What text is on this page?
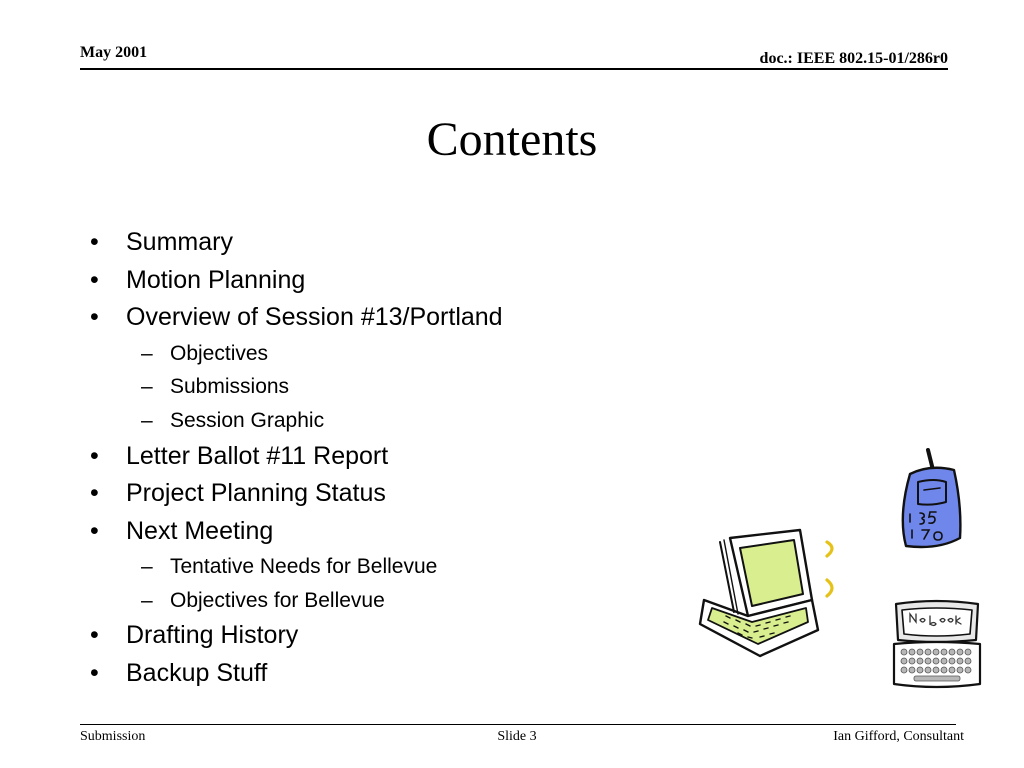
May 2001	doc.: IEEE 802.15-01/286r0
Contents
•	Summary
•	Motion Planning
•	Overview of Session #13/Portland
– Objectives
– Submissions
– Session Graphic
•	Letter Ballot #11 Report
•	Project Planning Status
•	Next Meeting
– Tentative Needs for Bellevue
– Objectives for Bellevue
•	Drafting History
•	Backup Stuff
Submission	Slide 3	Ian Gifford, Consultant
